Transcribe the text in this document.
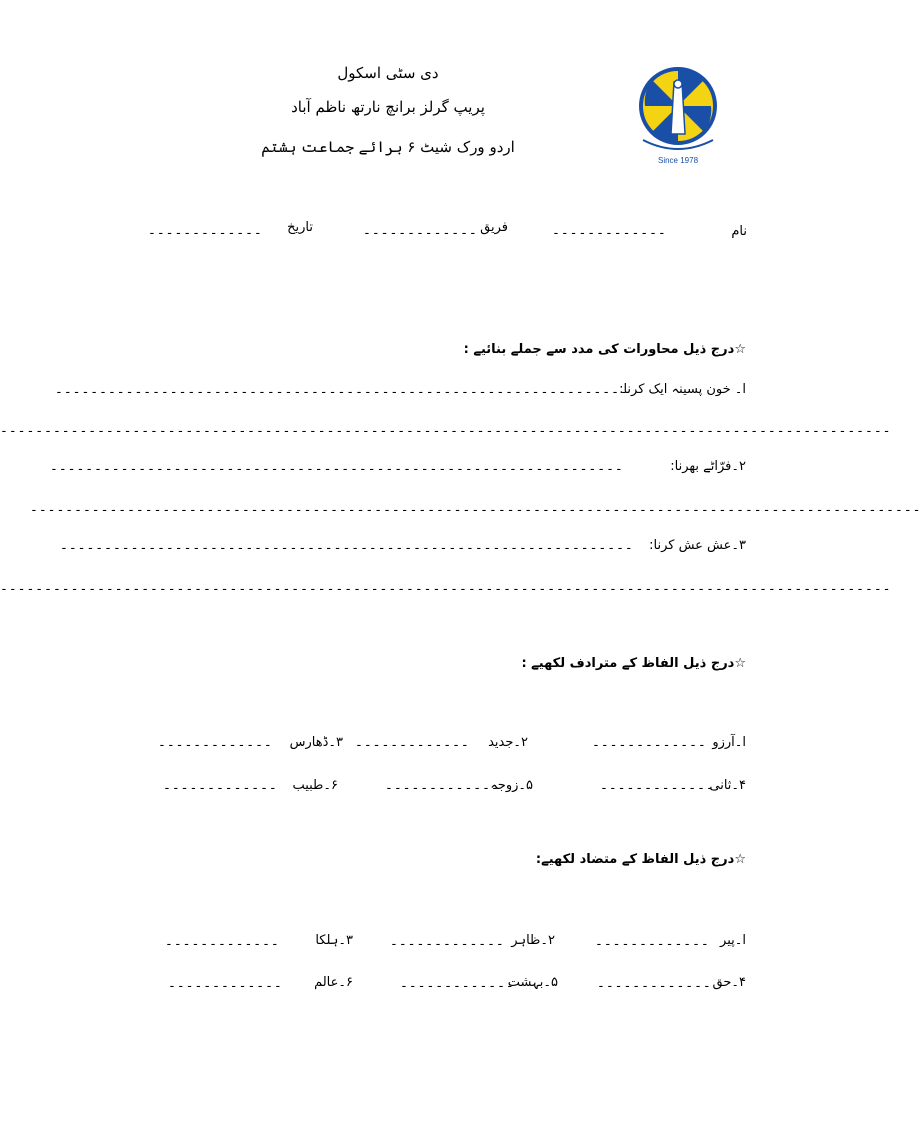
دی سٹی اسکول
پریپ گرلز برانچ نارتھ ناظم آباد
اردو ورک شیٹ ۶ برائے جماعت ہشتم
Since 1978
نام
-------------
فریق
-------------
تاریخ
-------------
☆درج ذیل محاورات کی مدد سے جملے بنائیے :
ا۔ خون پسینہ ایک کرنا:
-----------------------------------------------------------------
-----------------------------------------------------------------------------------------------------
۲۔فرّاٹے بھرنا:
-----------------------------------------------------------------
-----------------------------------------------------------------------------------------------------
۳۔عش عش کرنا:
-----------------------------------------------------------------
-----------------------------------------------------------------------------------------------------
☆درج ذیل الفاظ کے مترادف لکھیے :
ا۔آرزو
-------------
۲۔جدید
-------------
۳۔ڈھارس
-------------
۴۔ثانی
-------------
۵۔زوجہ
-------------
۶۔طبیب
-------------
☆درج ذیل الفاظ کے متضاد لکھیے:
ا۔پیر
-------------
۲۔ظاہر
-------------
۳۔ہلکا
-------------
۴۔حق
-------------
۵۔بہشت
-------------
۶۔عالم
-------------
